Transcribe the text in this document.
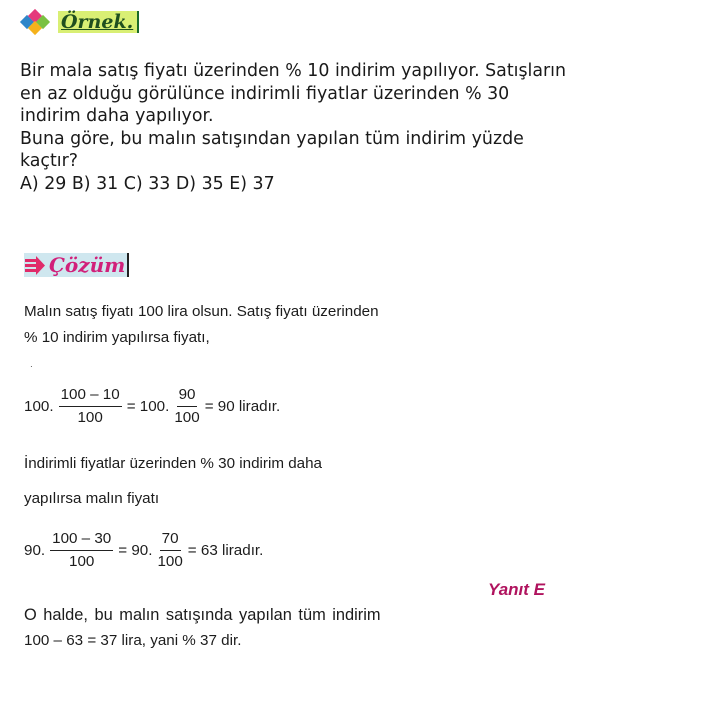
Örnek.
Bir mala satış fiyatı üzerinden % 10 indirim yapılıyor. Satışların
en az olduğu görülünce indirimli fiyatlar üzerinden % 30
indirim daha yapılıyor.
Buna göre, bu malın satışından yapılan tüm indirim yüzde
kaçtır?
A) 29 B) 31 C) 33 D) 35 E) 37
Çözüm
Malın satış fiyatı 100 lira olsun. Satış fiyatı üzerinden
% 10 indirim yapılırsa fiyatı,
·
100. $\frac{100 - 10}{100} = 100$. $\frac{90}{100} = 90$ liradır.
İndirimli fiyatlar üzerinden % 30 indirim daha
yapılırsa malın fiyatı
90. $\frac{100 - 30}{100} = 90$. $\frac{70}{100} = 63$ liradır.
O halde, bu malın satışında yapılan tüm indirim
100 – 63 = 37 lira, yani % 37 dir.
Yanıt E
